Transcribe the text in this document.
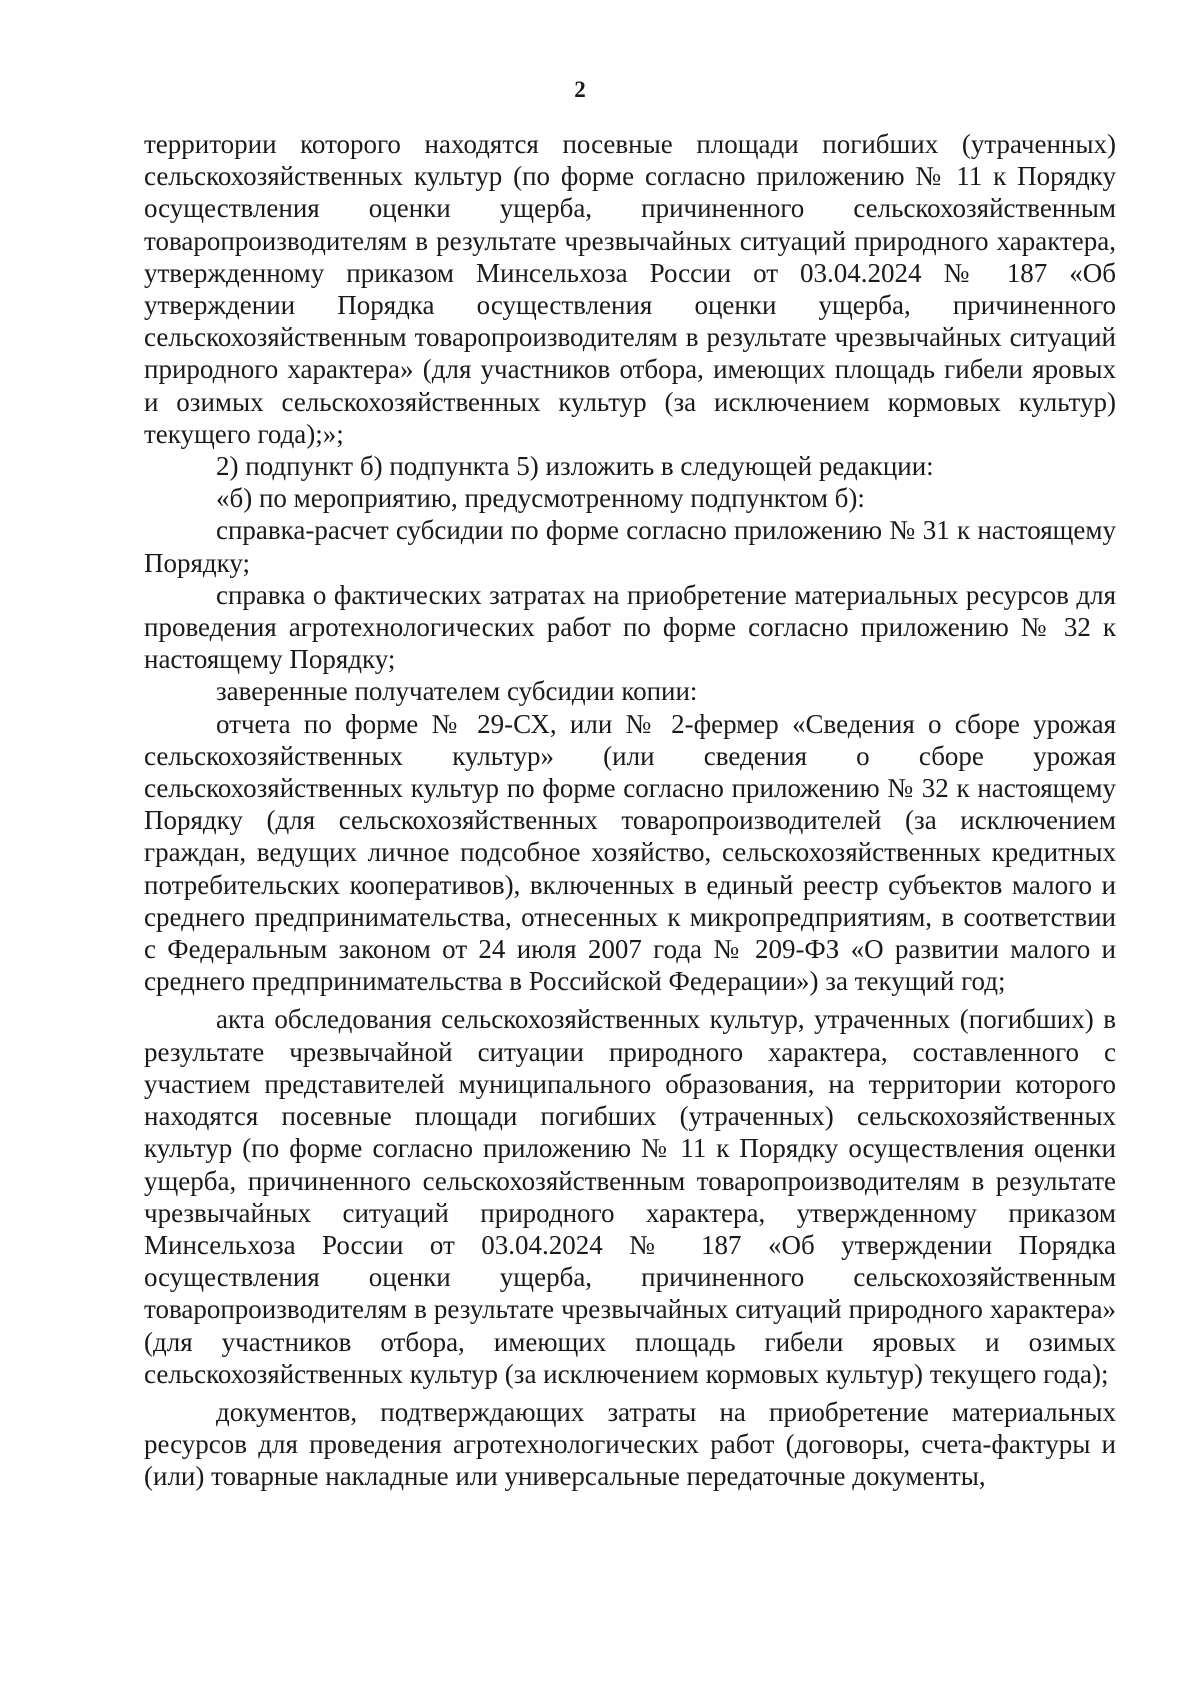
2

территории которого находятся посевные площади погибших (утраченных) сельскохозяйственных культур (по форме согласно приложению № 11 к Порядку осуществления оценки ущерба, причиненного сельскохозяйственным товаропроизводителям в результате чрезвычайных ситуаций природного характера, утвержденному приказом Минсельхоза России от 03.04.2024 № 187 «Об утверждении Порядка осуществления оценки ущерба, причиненного сельскохозяйственным товаропроизводителям в результате чрезвычайных ситуаций природного характера» (для участников отбора, имеющих площадь гибели яровых и озимых сельскохозяйственных культур (за исключением кормовых культур) текущего года);»;

2) подпункт б) подпункта 5) изложить в следующей редакции:

«б) по мероприятию, предусмотренному подпунктом б):

справка-расчет субсидии по форме согласно приложению № 31 к настоящему Порядку;

справка о фактических затратах на приобретение материальных ресурсов для проведения агротехнологических работ по форме согласно приложению № 32 к настоящему Порядку;

заверенные получателем субсидии копии:

отчета по форме № 29-СХ, или № 2-фермер «Сведения о сборе урожая сельскохозяйственных культур» (или сведения о сборе урожая сельскохозяйственных культур по форме согласно приложению № 32 к настоящему Порядку (для сельскохозяйственных товаропроизводителей (за исключением граждан, ведущих личное подсобное хозяйство, сельскохозяйственных кредитных потребительских кооперативов), включенных в единый реестр субъектов малого и среднего предпринимательства, отнесенных к микропредприятиям, в соответствии с Федеральным законом от 24 июля 2007 года № 209-ФЗ «О развитии малого и среднего предпринимательства в Российской Федерации») за текущий год;

акта обследования сельскохозяйственных культур, утраченных (погибших) в результате чрезвычайной ситуации природного характера, составленного с участием представителей муниципального образования, на территории которого находятся посевные площади погибших (утраченных) сельскохозяйственных культур (по форме согласно приложению № 11 к Порядку осуществления оценки ущерба, причиненного сельскохозяйственным товаропроизводителям в результате чрезвычайных ситуаций природного характера, утвержденному приказом Минсельхоза России от 03.04.2024 № 187 «Об утверждении Порядка осуществления оценки ущерба, причиненного сельскохозяйственным товаропроизводителям в результате чрезвычайных ситуаций природного характера» (для участников отбора, имеющих площадь гибели яровых и озимых сельскохозяйственных культур (за исключением кормовых культур) текущего года);

документов, подтверждающих затраты на приобретение материальных ресурсов для проведения агротехнологических работ (договоры, счета-фактуры и (или) товарные накладные или универсальные передаточные документы,
